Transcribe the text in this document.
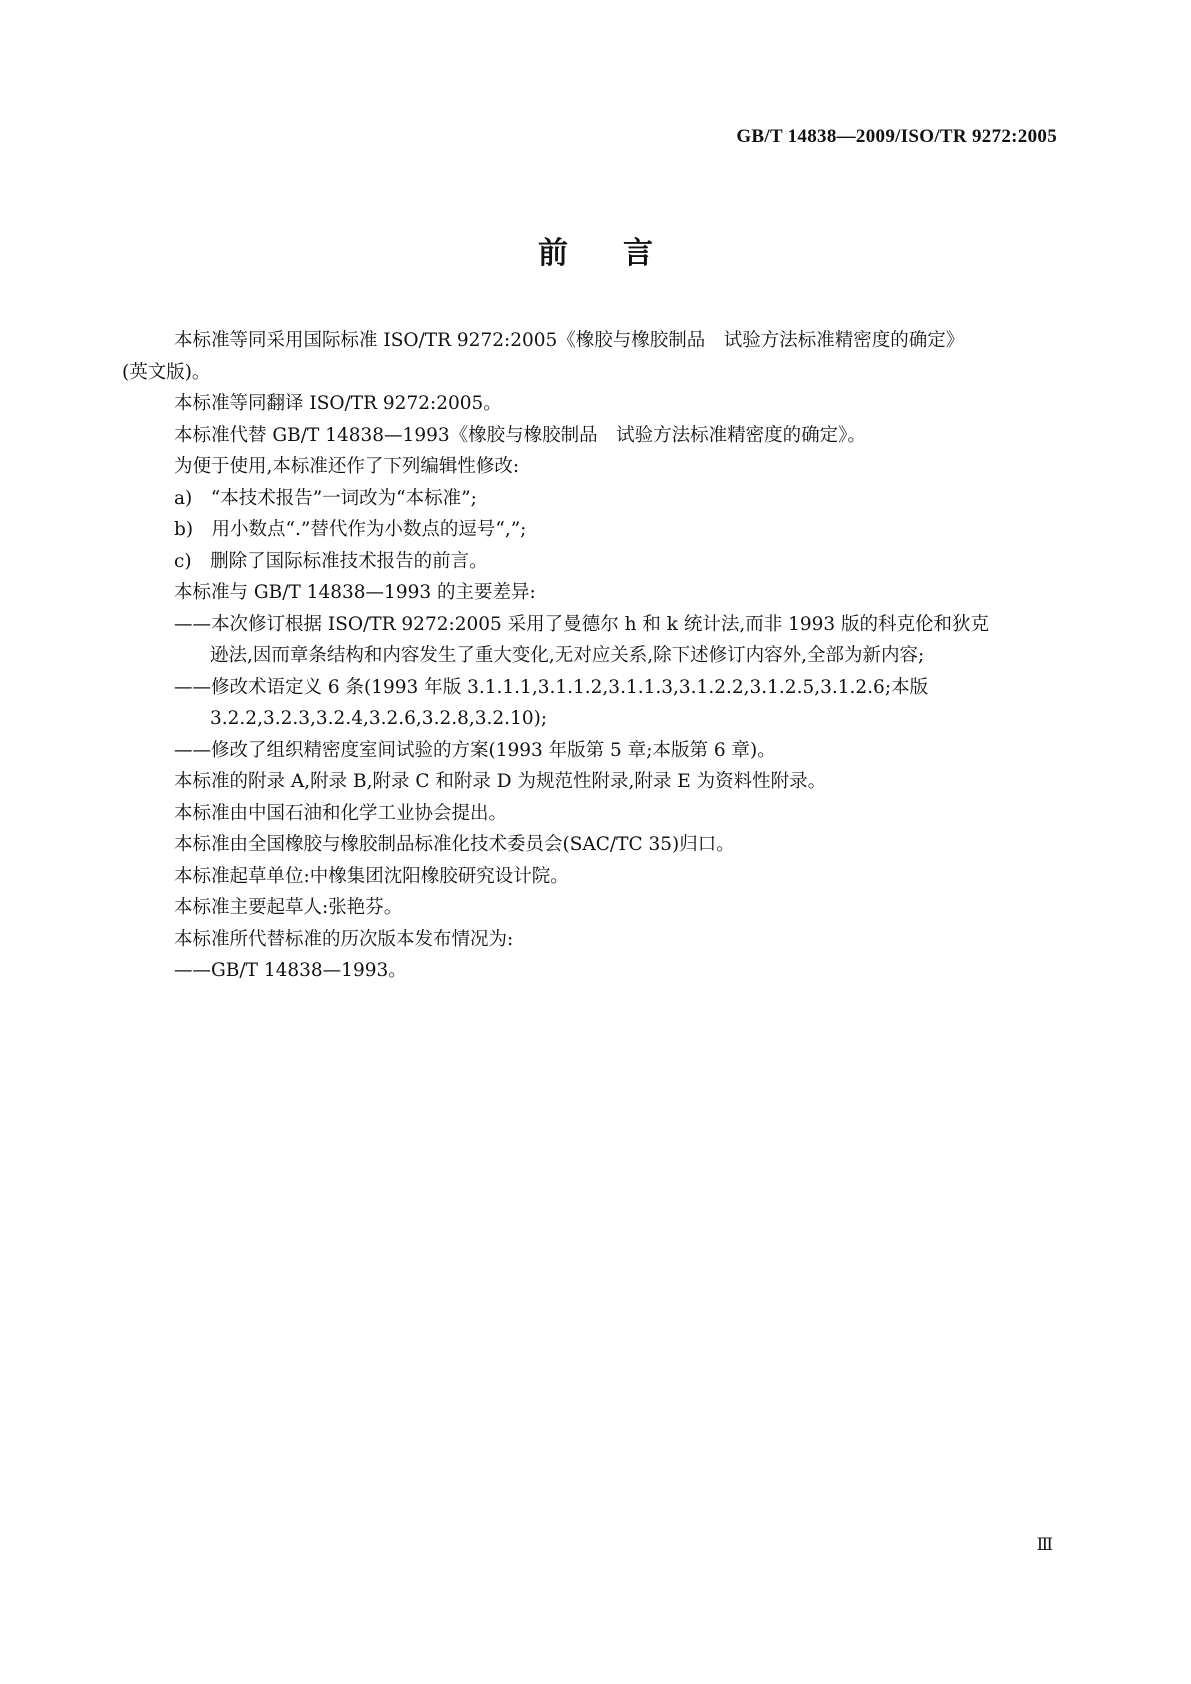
GB/T 14838—2009/ISO/TR 9272:2005
前言

本标准等同采用国际标准 ISO/TR 9272:2005《橡胶与橡胶制品　试验方法标准精密度的确定》

(英文版)。

本标准等同翻译 ISO/TR 9272:2005。

本标准代替 GB/T 14838—1993《橡胶与橡胶制品　试验方法标准精密度的确定》。

为便于使用,本标准还作了下列编辑性修改:

a)　“本技术报告”一词改为“本标准”;

b)　用小数点“.”替代作为小数点的逗号“,”;

c)　删除了国际标准技术报告的前言。

本标准与 GB/T 14838—1993 的主要差异:

——本次修订根据 ISO/TR 9272:2005 采用了曼德尔 h 和 k 统计法,而非 1993 版的科克伦和狄克

逊法,因而章条结构和内容发生了重大变化,无对应关系,除下述修订内容外,全部为新内容;

——修改术语定义 6 条(1993 年版 3.1.1.1,3.1.1.2,3.1.1.3,3.1.2.2,3.1.2.5,3.1.2.6;本版

3.2.2,3.2.3,3.2.4,3.2.6,3.2.8,3.2.10);

——修改了组织精密度室间试验的方案(1993 年版第 5 章;本版第 6 章)。

本标准的附录 A,附录 B,附录 C 和附录 D 为规范性附录,附录 E 为资料性附录。

本标准由中国石油和化学工业协会提出。

本标准由全国橡胶与橡胶制品标准化技术委员会(SAC/TC 35)归口。

本标准起草单位:中橡集团沈阳橡胶研究设计院。

本标准主要起草人:张艳芬。

本标准所代替标准的历次版本发布情况为:

——GB/T 14838—1993。

Ⅲ
